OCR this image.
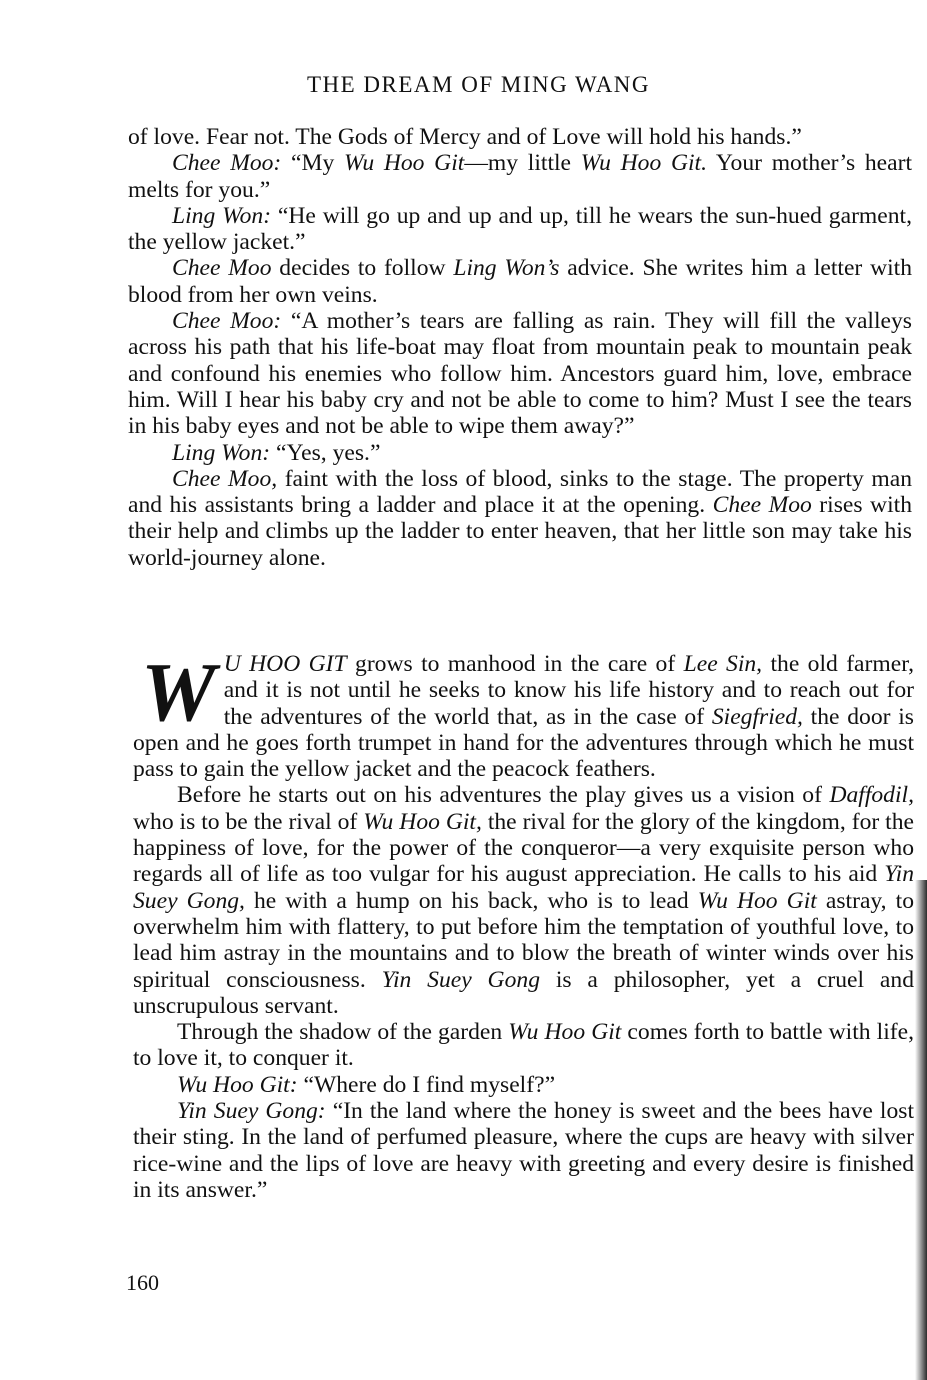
THE DREAM OF MING WANG

of love. Fear not. The Gods of Mercy and of Love will hold his hands.”

Chee Moo: “My Wu Hoo Git—my little Wu Hoo Git. Your mother’s heart melts for you.”

Ling Won: “He will go up and up and up, till he wears the sun-hued garment, the yellow jacket.”

Chee Moo decides to follow Ling Won’s advice. She writes him a letter with blood from her own veins.

Chee Moo: “A mother’s tears are falling as rain. They will fill the valleys across his path that his life-boat may float from mountain peak to mountain peak and confound his enemies who follow him. Ancestors guard him, love, embrace him. Will I hear his baby cry and not be able to come to him? Must I see the tears in his baby eyes and not be able to wipe them away?”

Ling Won: “Yes, yes.”

Chee Moo, faint with the loss of blood, sinks to the stage. The property man and his assistants bring a ladder and place it at the opening. Chee Moo rises with their help and climbs up the ladder to enter heaven, that her little son may take his world-journey alone.

W U HOO GIT grows to manhood in the care of Lee Sin, the old farmer, and it is not until he seeks to know his life history and to reach out for the adventures of the world that, as in the case of Siegfried, the door is open and he goes forth trumpet in hand for the adventures through which he must pass to gain the yellow jacket and the peacock feathers.

Before he starts out on his adventures the play gives us a vision of Daffodil, who is to be the rival of Wu Hoo Git, the rival for the glory of the kingdom, for the happiness of love, for the power of the conqueror—a very exquisite person who regards all of life as too vulgar for his august appreciation. He calls to his aid Yin Suey Gong, he with a hump on his back, who is to lead Wu Hoo Git astray, to overwhelm him with flattery, to put before him the temptation of youthful love, to lead him astray in the mountains and to blow the breath of winter winds over his spiritual consciousness. Yin Suey Gong is a philosopher, yet a cruel and unscrupulous servant.

Through the shadow of the garden Wu Hoo Git comes forth to battle with life, to love it, to conquer it.

Wu Hoo Git: “Where do I find myself?”

Yin Suey Gong: “In the land where the honey is sweet and the bees have lost their sting. In the land of perfumed pleasure, where the cups are heavy with silver rice-wine and the lips of love are heavy with greeting and every desire is finished in its answer.”

160
